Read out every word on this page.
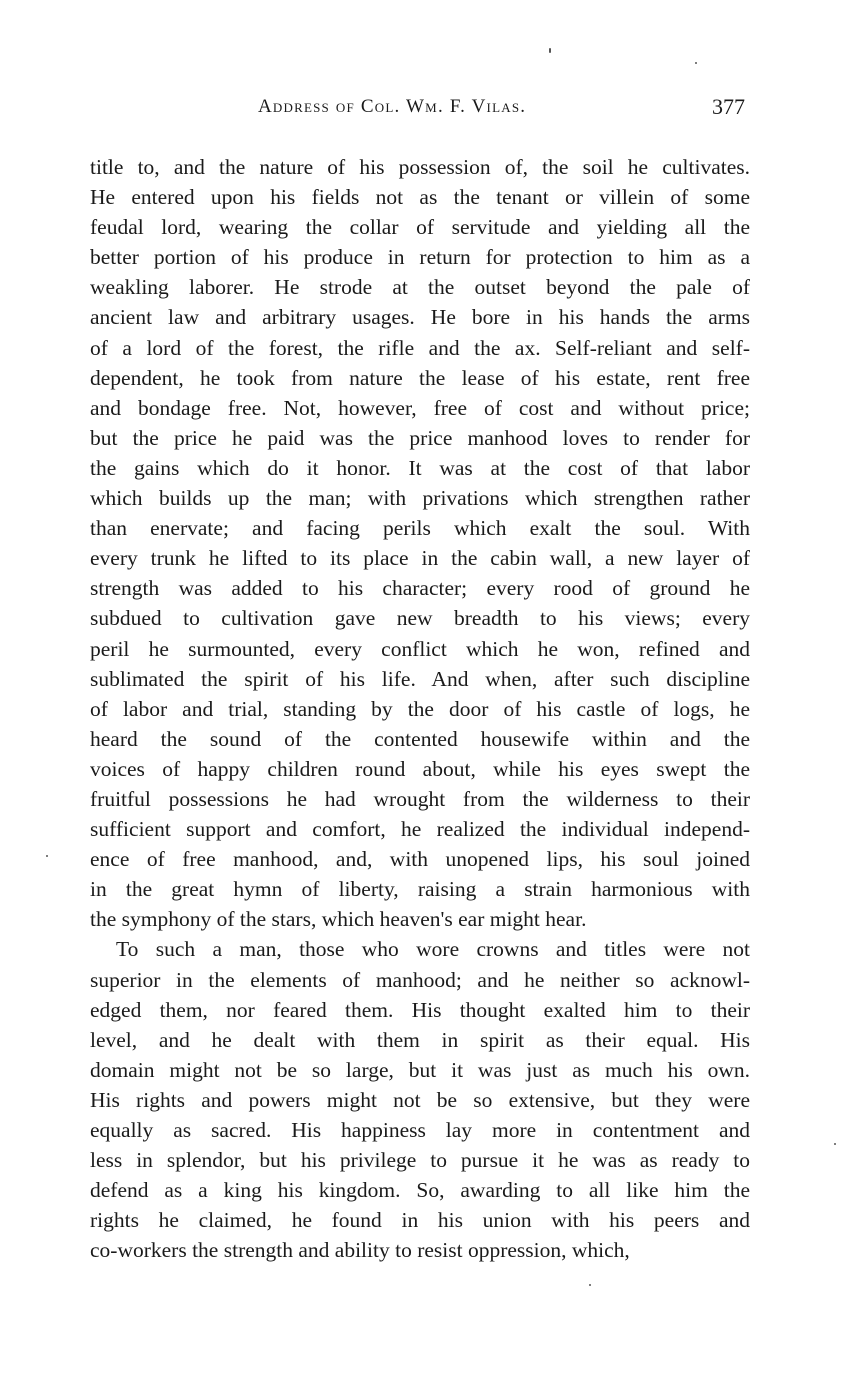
Address of Col. Wm. F. Vilas.	377
title to, and the nature of his possession of, the soil he cultivates.
He entered upon his fields not as the tenant or villein of some
feudal lord, wearing the collar of servitude and yielding all the
better portion of his produce in return for protection to him as a
weakling laborer. He strode at the outset beyond the pale of
ancient law and arbitrary usages. He bore in his hands the arms
of a lord of the forest, the rifle and the ax. Self-reliant and self-
dependent, he took from nature the lease of his estate, rent free
and bondage free. Not, however, free of cost and without price;
but the price he paid was the price manhood loves to render for
the gains which do it honor. It was at the cost of that labor
which builds up the man; with privations which strengthen rather
than enervate; and facing perils which exalt the soul. With
every trunk he lifted to its place in the cabin wall, a new layer of
strength was added to his character; every rood of ground he
subdued to cultivation gave new breadth to his views; every
peril he surmounted, every conflict which he won, refined and
sublimated the spirit of his life. And when, after such discipline
of labor and trial, standing by the door of his castle of logs, he
heard the sound of the contented housewife within and the
voices of happy children round about, while his eyes swept the
fruitful possessions he had wrought from the wilderness to their
sufficient support and comfort, he realized the individual independ-
ence of free manhood, and, with unopened lips, his soul joined
in the great hymn of liberty, raising a strain harmonious with
the symphony of the stars, which heaven's ear might hear.
To such a man, those who wore crowns and titles were not
superior in the elements of manhood; and he neither so acknowl-
edged them, nor feared them. His thought exalted him to their
level, and he dealt with them in spirit as their equal. His
domain might not be so large, but it was just as much his own.
His rights and powers might not be so extensive, but they were
equally as sacred. His happiness lay more in contentment and
less in splendor, but his privilege to pursue it he was as ready to
defend as a king his kingdom. So, awarding to all like him the
rights he claimed, he found in his union with his peers and
co-workers the strength and ability to resist oppression, which,
